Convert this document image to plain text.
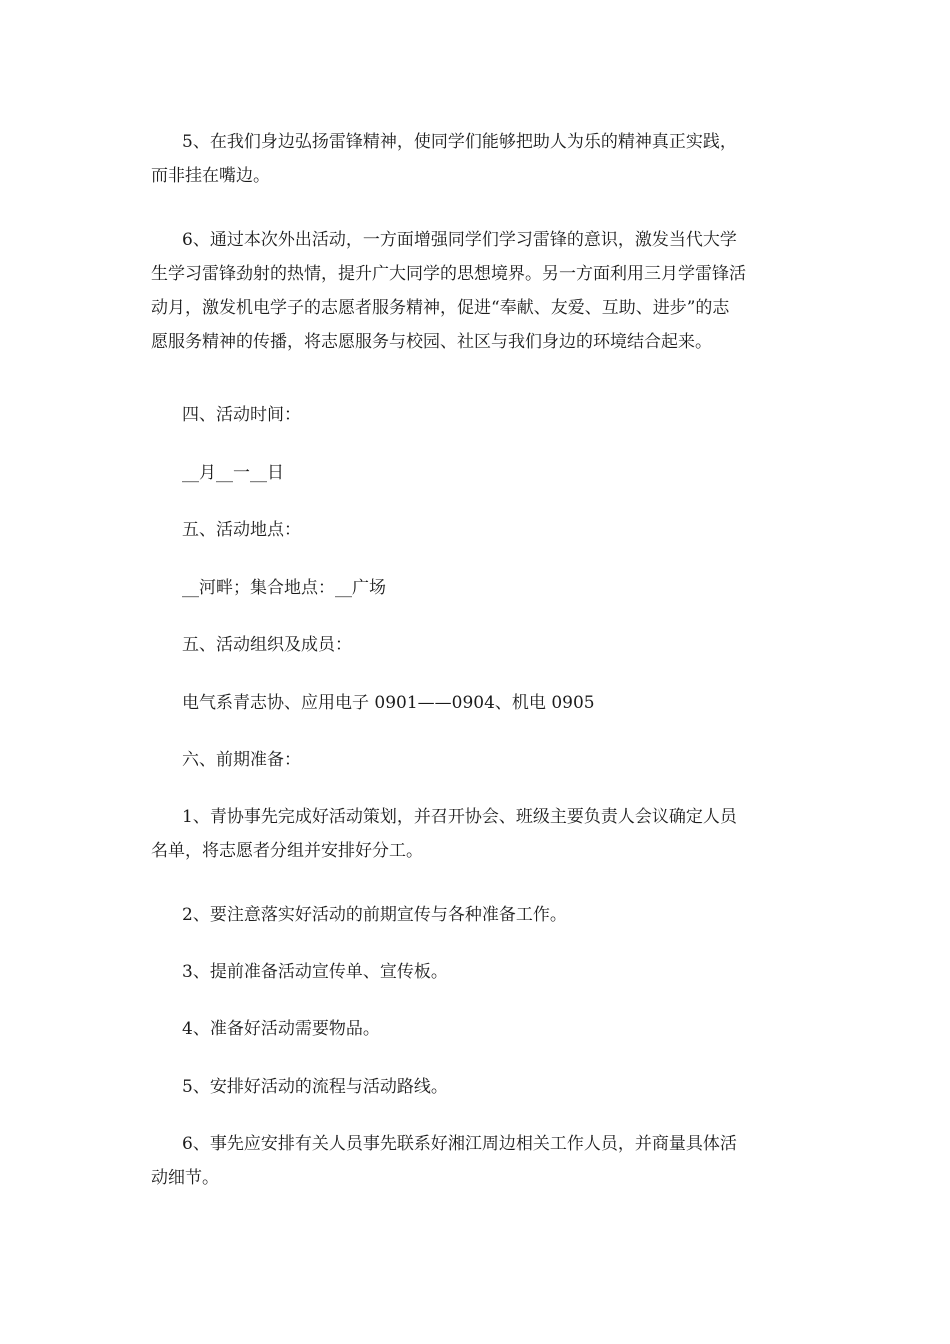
5、在我们身边弘扬雷锋精神，使同学们能够把助人为乐的精神真正实践，
而非挂在嘴边。
6、通过本次外出活动，一方面增强同学们学习雷锋的意识，激发当代大学
生学习雷锋劲射的热情，提升广大同学的思想境界。另一方面利用三月学雷锋活
动月，激发机电学子的志愿者服务精神，促进“奉献、友爱、互助、进步”的志
愿服务精神的传播，将志愿服务与校园、社区与我们身边的环境结合起来。
四、活动时间：
__月__一__日
五、活动地点：
__河畔；集合地点：__广场
五、活动组织及成员：
电气系青志协、应用电子 0901——0904、机电 0905
六、前期准备：
1、青协事先完成好活动策划，并召开协会、班级主要负责人会议确定人员
名单，将志愿者分组并安排好分工。
2、要注意落实好活动的前期宣传与各种准备工作。
3、提前准备活动宣传单、宣传板。
4、准备好活动需要物品。
5、安排好活动的流程与活动路线。
6、事先应安排有关人员事先联系好湘江周边相关工作人员，并商量具体活
动细节。
